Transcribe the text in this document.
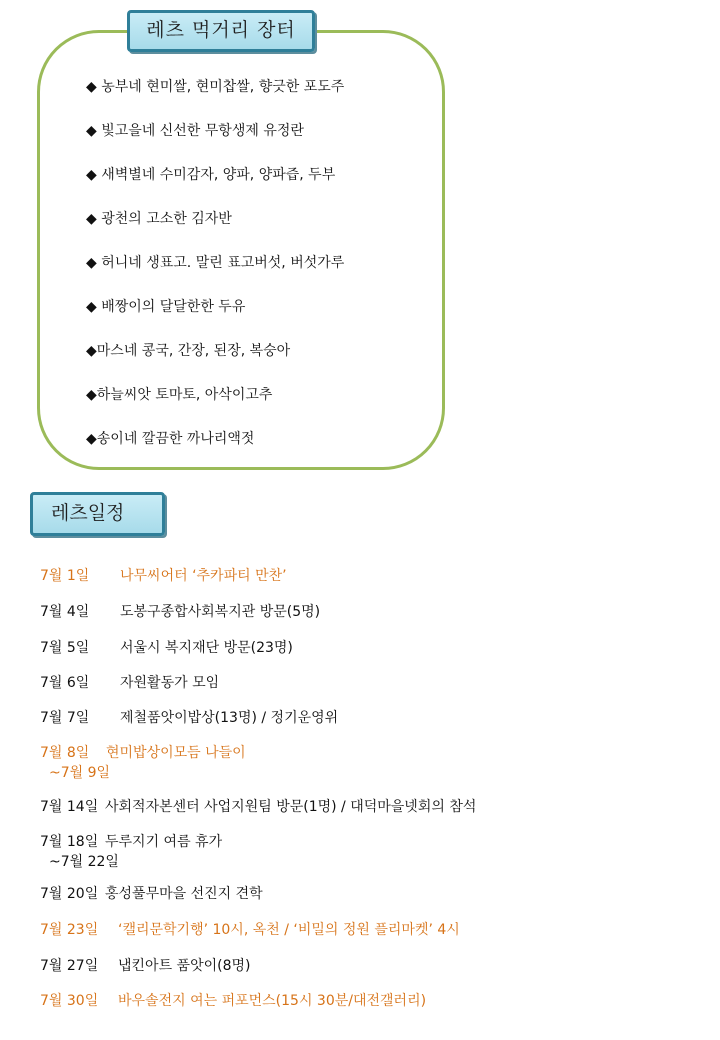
레츠 먹거리 장터
◆ 농부네 현미쌀, 현미찹쌀, 향긋한 포도주
◆ 빛고을네 신선한 무항생제 유정란
◆ 새벽별네 수미감자, 양파, 양파즙, 두부
◆ 광천의 고소한 김자반
◆ 허니네 생표고. 말린 표고버섯, 버섯가루
◆ 배짱이의 달달한한 두유
◆마스네 콩국, 간장, 된장, 복숭아
◆하늘씨앗 토마토, 아삭이고추
◆송이네 깔끔한 까나리액젓
레츠일정
7월 1일 나무씨어터 ‘추카파티 만찬’
7월 4일 도봉구종합사회복지관 방문(5명)
7월 5일 서울시 복지재단 방문(23명)
7월 6일 자원활동가 모임
7월 7일 제철품앗이밥상(13명) / 정기운영위
7월 8일 현미밥상이모듬 나들이
~7월 9일
7월 14일 사회적자본센터 사업지원팀 방문(1명) / 대덕마을넷회의 참석
7월 18일 두루지기 여름 휴가
~7월 22일
7월 20일 홍성풀무마을 선진지 견학
7월 23일 ‘캘리문학기행’ 10시, 옥천 / ‘비밀의 정원 플리마켓’ 4시
7월 27일 냅킨아트 품앗이(8명)
7월 30일 바우솔전지 여는 퍼포먼스(15시 30분/대전갤러리)
